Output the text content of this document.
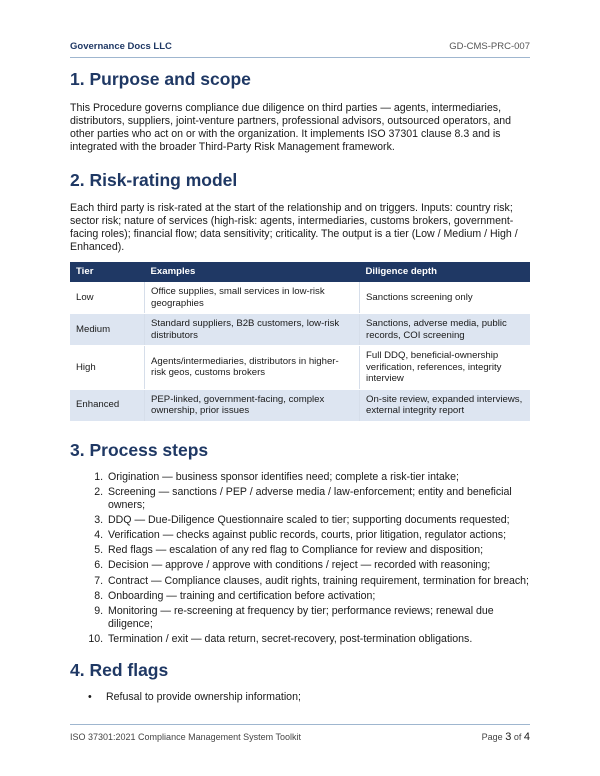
Governance Docs LLC	GD-CMS-PRC-007
1. Purpose and scope

This Procedure governs compliance due diligence on third parties — agents, intermediaries, distributors, suppliers, joint-venture partners, professional advisors, outsourced operators, and other parties who act on or with the organization. It implements ISO 37301 clause 8.3 and is integrated with the broader Third-Party Risk Management framework.

2. Risk-rating model

Each third party is risk-rated at the start of the relationship and on triggers. Inputs: country risk; sector risk; nature of services (high-risk: agents, intermediaries, customs brokers, government-facing roles); financial flow; data sensitivity; criticality. The output is a tier (Low / Medium / High / Enhanced).

Tier	Examples	Diligence depth
Low	Office supplies, small services in low-risk geographies	Sanctions screening only
Medium	Standard suppliers, B2B customers, low-risk distributors	Sanctions, adverse media, public records, COI screening
High	Agents/intermediaries, distributors in higher-risk geos, customs brokers	Full DDQ, beneficial-ownership verification, references, integrity interview
Enhanced	PEP-linked, government-facing, complex ownership, prior issues	On-site review, expanded interviews, external integrity report
3. Process steps
1. Origination — business sponsor identifies need; complete a risk-tier intake;
2. Screening — sanctions / PEP / adverse media / law-enforcement; entity and beneficial owners;
3. DDQ — Due-Diligence Questionnaire scaled to tier; supporting documents requested;
4. Verification — checks against public records, courts, prior litigation, regulator actions;
5. Red flags — escalation of any red flag to Compliance for review and disposition;
6. Decision — approve / approve with conditions / reject — recorded with reasoning;
7. Contract — Compliance clauses, audit rights, training requirement, termination for breach;
8. Onboarding — training and certification before activation;
9. Monitoring — re-screening at frequency by tier; performance reviews; renewal due diligence;
10. Termination / exit — data return, secret-recovery, post-termination obligations.
4. Red flags
• Refusal to provide ownership information;
ISO 37301:2021 Compliance Management System Toolkit	Page 3 of 4
